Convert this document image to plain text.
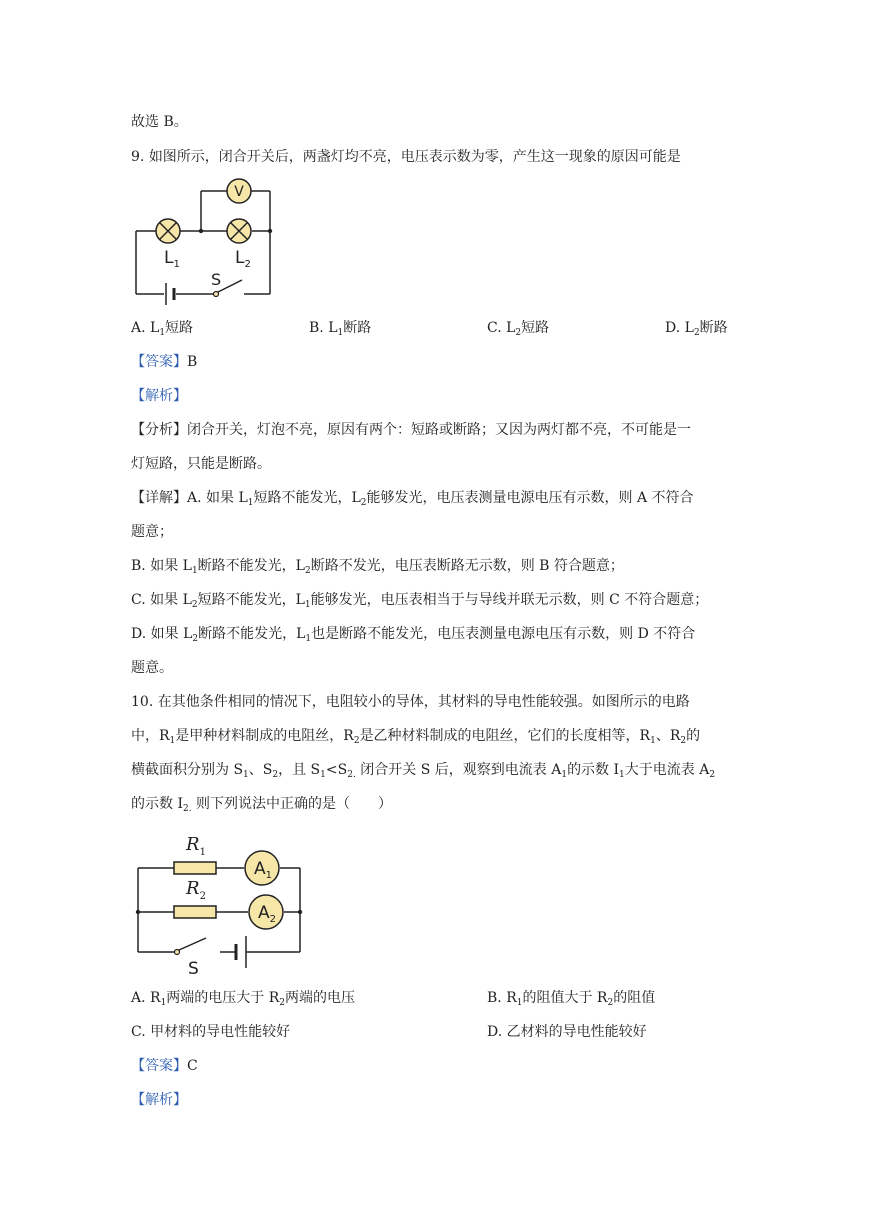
故选 B。
9. 如图所示，闭合开关后，两盏灯均不亮，电压表示数为零，产生这一现象的原因可能是
V
$L_1$	$L_2$
S
A. $L_1$短路	B. $L_1$断路	C. $L_2$短路	D. $L_2$断路
【答案】B
【解析】
【分析】闭合开关，灯泡不亮，原因有两个：短路或断路；又因为两灯都不亮，不可能是一
灯短路，只能是断路。
【详解】A. 如果 $L_1$短路不能发光，$L_2$能够发光，电压表测量电源电压有示数，则 A 不符合
题意；
B. 如果 $L_1$断路不能发光，$L_2$断路不发光，电压表断路无示数，则 B 符合题意；
C. 如果 $L_2$短路不能发光，$L_1$能够发光，电压表相当于与导线并联无示数，则 C 不符合题意；
D. 如果 $L_2$断路不能发光，$L_1$也是断路不能发光，电压表测量电源电压有示数，则 D 不符合
题意。
10. 在其他条件相同的情况下，电阻较小的导体，其材料的导电性能较强。如图所示的电路
中，$R_1$是甲种材料制成的电阻丝，$R_2$是乙种材料制成的电阻丝，它们的长度相等，$R_1$、$R_2$的
横截面积分别为 $S_1$、$S_2$，且 $S_1<S_{2.}$ 闭合开关 S 后，观察到电流表 $A_1$的示数 $I_1$大于电流表 $A_2$
的示数 $I_{2.}$ 则下列说法中正确的是（　　）
$A_1$
$A_2$
$R_1$
$R_2$
S
A. $R_1$两端的电压大于 $R_2$两端的电压	B. $R_1$的阻值大于 $R_2$的阻值
C. 甲材料的导电性能较好	D. 乙材料的导电性能较好
【答案】C
【解析】
